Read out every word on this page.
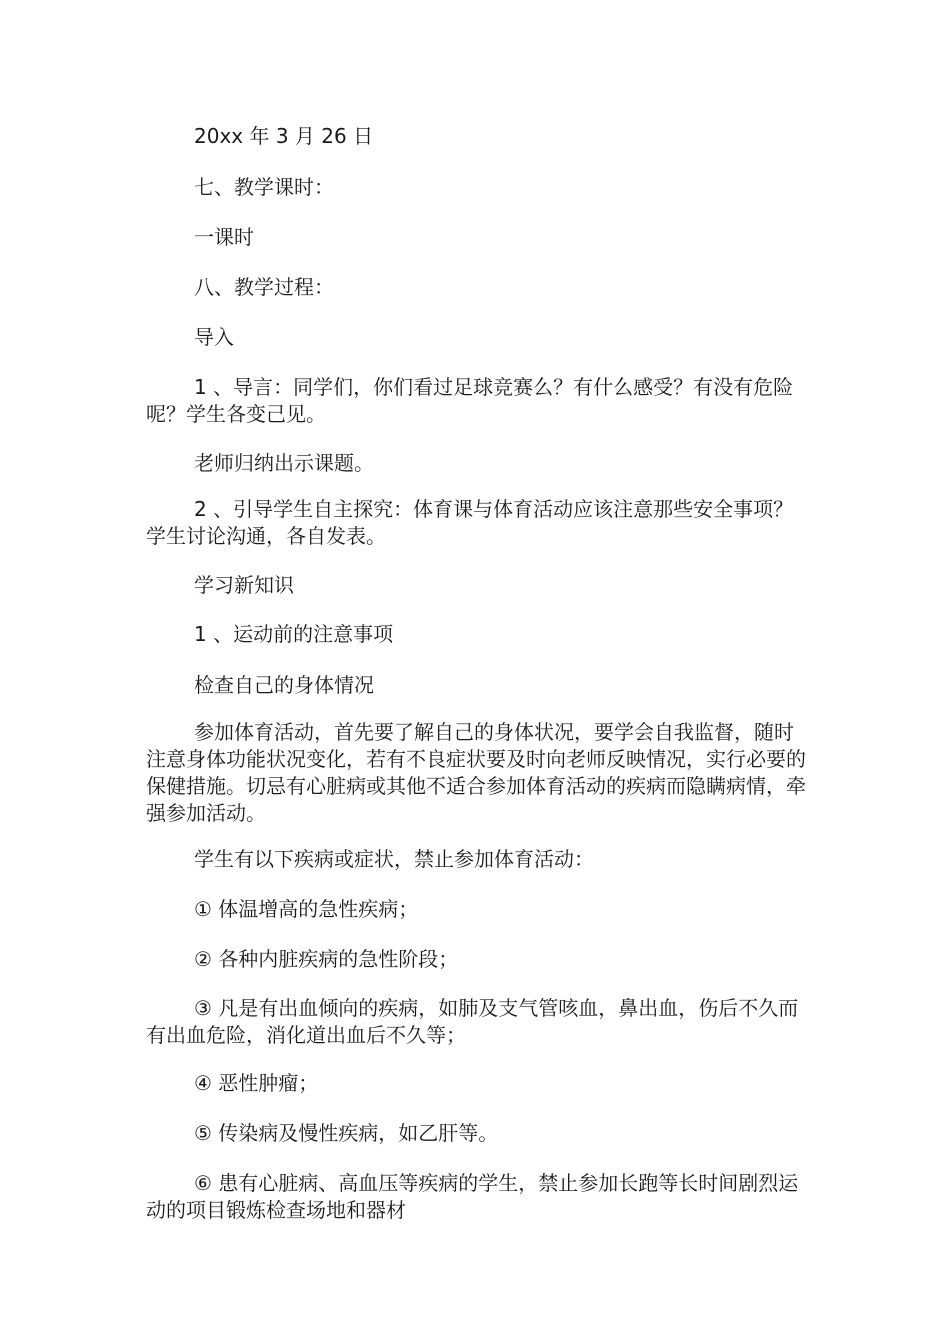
20xx 年 3 月 26 日

七、教学课时：

一课时

八、教学过程：

导入

1 、导言：同学们，你们看过足球竞赛么？有什么感受？有没有危险呢？学生各变己见。

老师归纳出示课题。

2 、引导学生自主探究：体育课与体育活动应该注意那些安全事项？学生讨论沟通，各自发表。

学习新知识

1 、运动前的注意事项

检查自己的身体情况

参加体育活动，首先要了解自己的身体状况，要学会自我监督，随时注意身体功能状况变化，若有不良症状要及时向老师反映情况，实行必要的保健措施。切忌有心脏病或其他不适合参加体育活动的疾病而隐瞒病情，牵强参加活动。

学生有以下疾病或症状，禁止参加体育活动：

① 体温增高的急性疾病；

② 各种内脏疾病的急性阶段；

③ 凡是有出血倾向的疾病，如肺及支气管咳血，鼻出血，伤后不久而有出血危险，消化道出血后不久等；

④ 恶性肿瘤；

⑤ 传染病及慢性疾病，如乙肝等。

⑥ 患有心脏病、高血压等疾病的学生，禁止参加长跑等长时间剧烈运动的项目锻炼检查场地和器材
